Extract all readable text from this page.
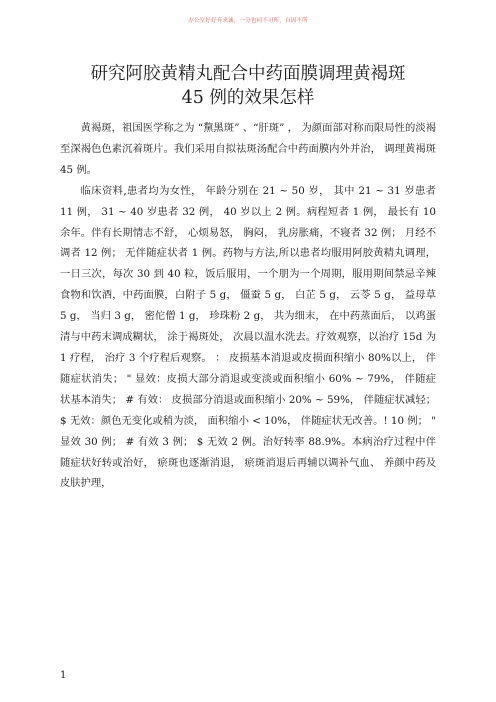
办公室好好弃求诚，一分也同不可所，自因不所
研究阿胶黄精丸配合中药面膜调理黄褐斑
45 例的效果怎样

黄褐斑，祖国医学称之为 “黧黑斑” 、“肝斑” ， 为颜面部对称而限局性的淡褐至深褐色色素沉着斑片。我们采用自拟祛斑汤配合中药面膜内外并治， 调理黄褐斑 45 例。

临床资料,患者均为女性， 年龄分别在 21 ~ 50 岁， 其中 21 ~ 31 岁患者 11 例， 31 ~ 40 岁患者 32 例， 40 岁以上 2 例。病程短者 1 例， 最长有 10 余年。伴有长期情志不舒， 心烦易怒， 胸闷， 乳房胀痛，不寝者 32 例； 月经不调者 12 例； 无伴随症状者 1 例。药物与方法,所以患者均服用阿胶黄精丸调理，一日三次，每次 30 到 40 粒，饭后服用，一个朋为一个周期，服用期间禁忌辛辣食物和饮酒，中药面膜，白附子 5 g， 僵蚕 5 g， 白芷 5 g， 云苓 5 g， 益母草 5 g， 当归 3 g， 密佗僧 1 g， 珍珠粉 2 g， 共为细末， 在中药蒸面后， 以鸡蛋清与中药末调成糊状， 涂于褐斑处， 次晨以温水洗去。疗效观察，以治疗 15d 为 1 疗程， 治疗 3 个疗程后观察。 ： 皮损基本消退或皮损面积缩小 80%以上， 伴随症状消失； " 显效：皮损大部分消退或变淡或面积缩小 60% ~ 79%， 伴随症状基本消失； # 有效： 皮损部分消退或面积缩小 20% ~ 59%， 伴随症状减轻； $ 无效：颜色无变化或稍为淡， 面积缩小 < 10%， 伴随症状无改善。! 10 例； " 显效 30 例； # 有效 3 例； $ 无效 2 例。治好转率 88.9%。本病治疗过程中伴随症状好转或治好， 瘀斑也逐渐消退， 瘀斑消退后再辅以调补气血、 养颜中药及皮肤护理，

1
